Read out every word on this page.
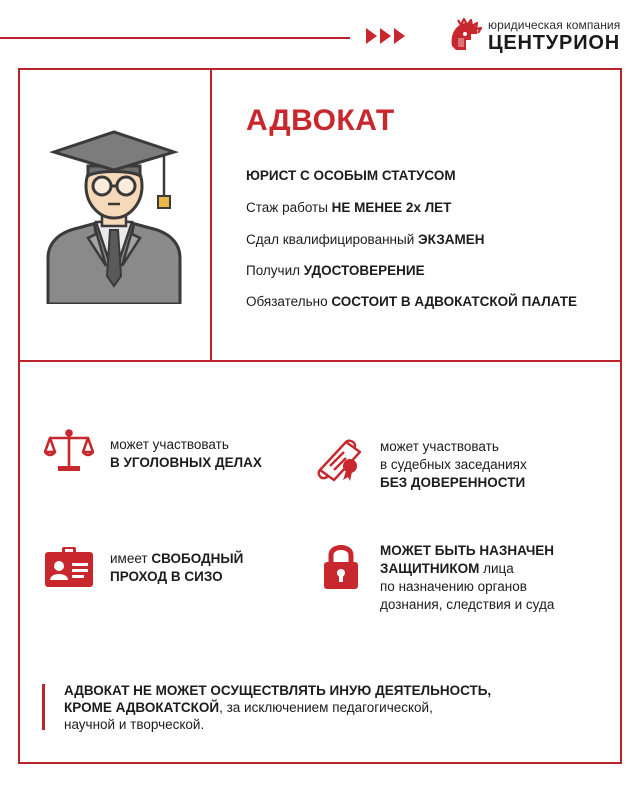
юридическая компания
ЦЕНТУРИОН
АДВОКАТ
ЮРИСТ С ОСОБЫМ СТАТУСОМ
Стаж работы НЕ МЕНЕЕ 2х ЛЕТ
Сдал квалифицированный ЭКЗАМЕН
Получил УДОСТОВЕРЕНИЕ
Обязательно СОСТОИТ В АДВОКАТСКОЙ ПАЛАТЕ
может участвовать
В УГОЛОВНЫХ ДЕЛАХ
может участвовать
в судебных заседаниях
БЕЗ ДОВЕРЕННОСТИ
имеет СВОБОДНЫЙ
ПРОХОД В СИЗО
МОЖЕТ БЫТЬ НАЗНАЧЕН
ЗАЩИТНИКОМ лица
по назначению органов
дознания, следствия и суда
АДВОКАТ НЕ МОЖЕТ ОСУЩЕСТВЛЯТЬ ИНУЮ ДЕЯТЕЛЬНОСТЬ,
КРОМЕ АДВОКАТСКОЙ, за исключением педагогической,
научной и творческой.
